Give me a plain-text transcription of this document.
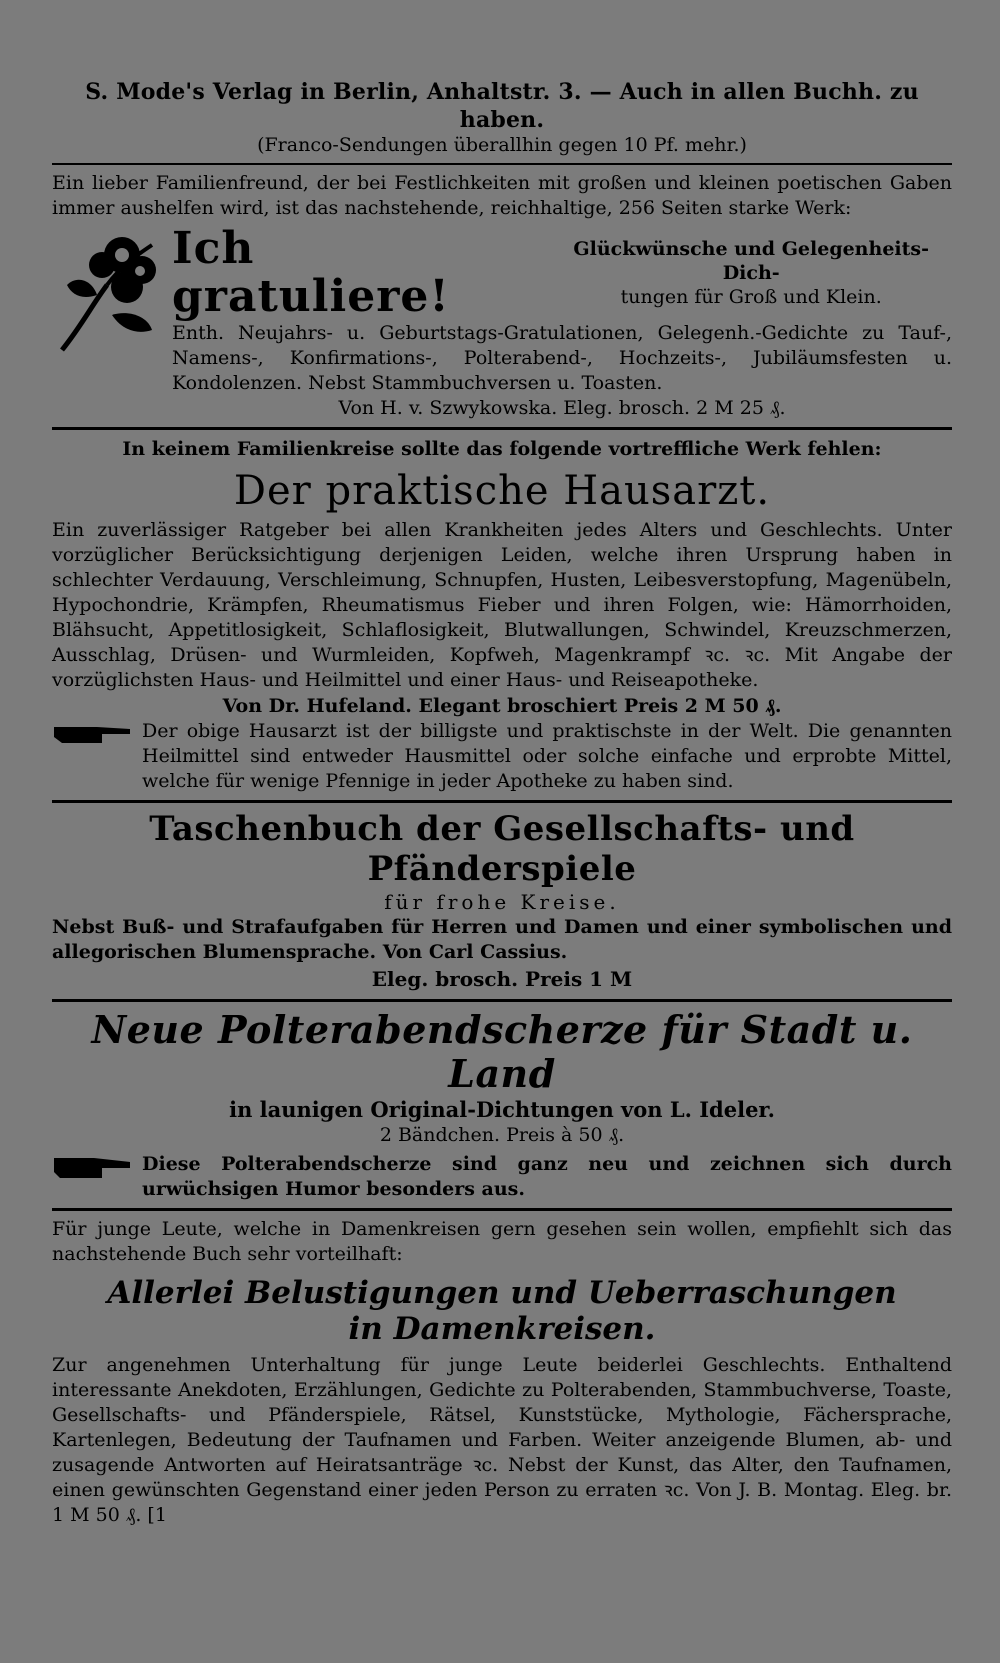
S. Mode's Verlag in Berlin, Anhaltstr. 3. — Auch in allen Buchh. zu haben.

(Franco-Sendungen überallhin gegen 10 Pf. mehr.)

Ein lieber Familienfreund, der bei Festlichkeiten mit großen und kleinen poetischen Gaben immer aushelfen wird, ist das nachstehende, reichhaltige, 256 Seiten starke Werk:

Ich gratuliere!
Glückwünsche und Gelegenheits-Dich-
tungen für Groß und Klein.

Enth. Neujahrs- u. Geburtstags-Gratulationen, Gelegenh.-Gedichte zu Tauf-, Namens-, Konfirmations-, Polterabend-, Hochzeits-, Jubiläumsfesten u. Kondolenzen. Nebst Stammbuchversen u. Toasten.

Von H. v. Szwykowska. Eleg. brosch. 2 M 25 ₰.

In keinem Familienkreise sollte das folgende vortreffliche Werk fehlen:

Der praktische Hausarzt.

Ein zuverlässiger Ratgeber bei allen Krankheiten jedes Alters und Geschlechts. Unter vorzüglicher Berücksichtigung derjenigen Leiden, welche ihren Ursprung haben in schlechter Verdauung, Verschleimung, Schnupfen, Husten, Leibesverstopfung, Magenübeln, Hypochondrie, Krämpfen, Rheumatismus Fieber und ihren Folgen, wie: Hämorrhoiden, Blähsucht, Appetitlosigkeit, Schlaflosigkeit, Blutwallungen, Schwindel, Kreuzschmerzen, Ausschlag, Drüsen- und Wurmleiden, Kopfweh, Magenkrampf ꝛc. ꝛc. Mit Angabe der vorzüglichsten Haus- und Heilmittel und einer Haus- und Reiseapotheke.

Von Dr. Hufeland. Elegant broschiert Preis 2 M 50 ₰.

Der obige Hausarzt ist der billigste und praktischste in der Welt. Die genannten Heilmittel sind entweder Hausmittel oder solche einfache und erprobte Mittel, welche für wenige Pfennige in jeder Apotheke zu haben sind.

Taschenbuch der Gesellschafts- und Pfänderspiele

für frohe Kreise.

Nebst Buß- und Strafaufgaben für Herren und Damen und einer symbolischen und allegorischen Blumensprache. Von Carl Cassius.

Eleg. brosch. Preis 1 M

Neue Polterabendscherze für Stadt u. Land

in launigen Original-Dichtungen von L. Ideler.

2 Bändchen. Preis à 50 ₰.

Diese Polterabendscherze sind ganz neu und zeichnen sich durch urwüchsigen Humor besonders aus.

Für junge Leute, welche in Damenkreisen gern gesehen sein wollen, empfiehlt sich das nachstehende Buch sehr vorteilhaft:

Allerlei Belustigungen und Ueberraschungen

in Damenkreisen.

Zur angenehmen Unterhaltung für junge Leute beiderlei Geschlechts. Enthaltend interessante Anekdoten, Erzählungen, Gedichte zu Polterabenden, Stammbuchverse, Toaste, Gesellschafts- und Pfänderspiele, Rätsel, Kunststücke, Mythologie, Fächersprache, Kartenlegen, Bedeutung der Taufnamen und Farben. Weiter anzeigende Blumen, ab- und zusagende Antworten auf Heiratsanträge ꝛc. Nebst der Kunst, das Alter, den Taufnamen, einen gewünschten Gegenstand einer jeden Person zu erraten ꝛc. Von J. B. Montag. Eleg. br. 1 M 50 ₰. [1
